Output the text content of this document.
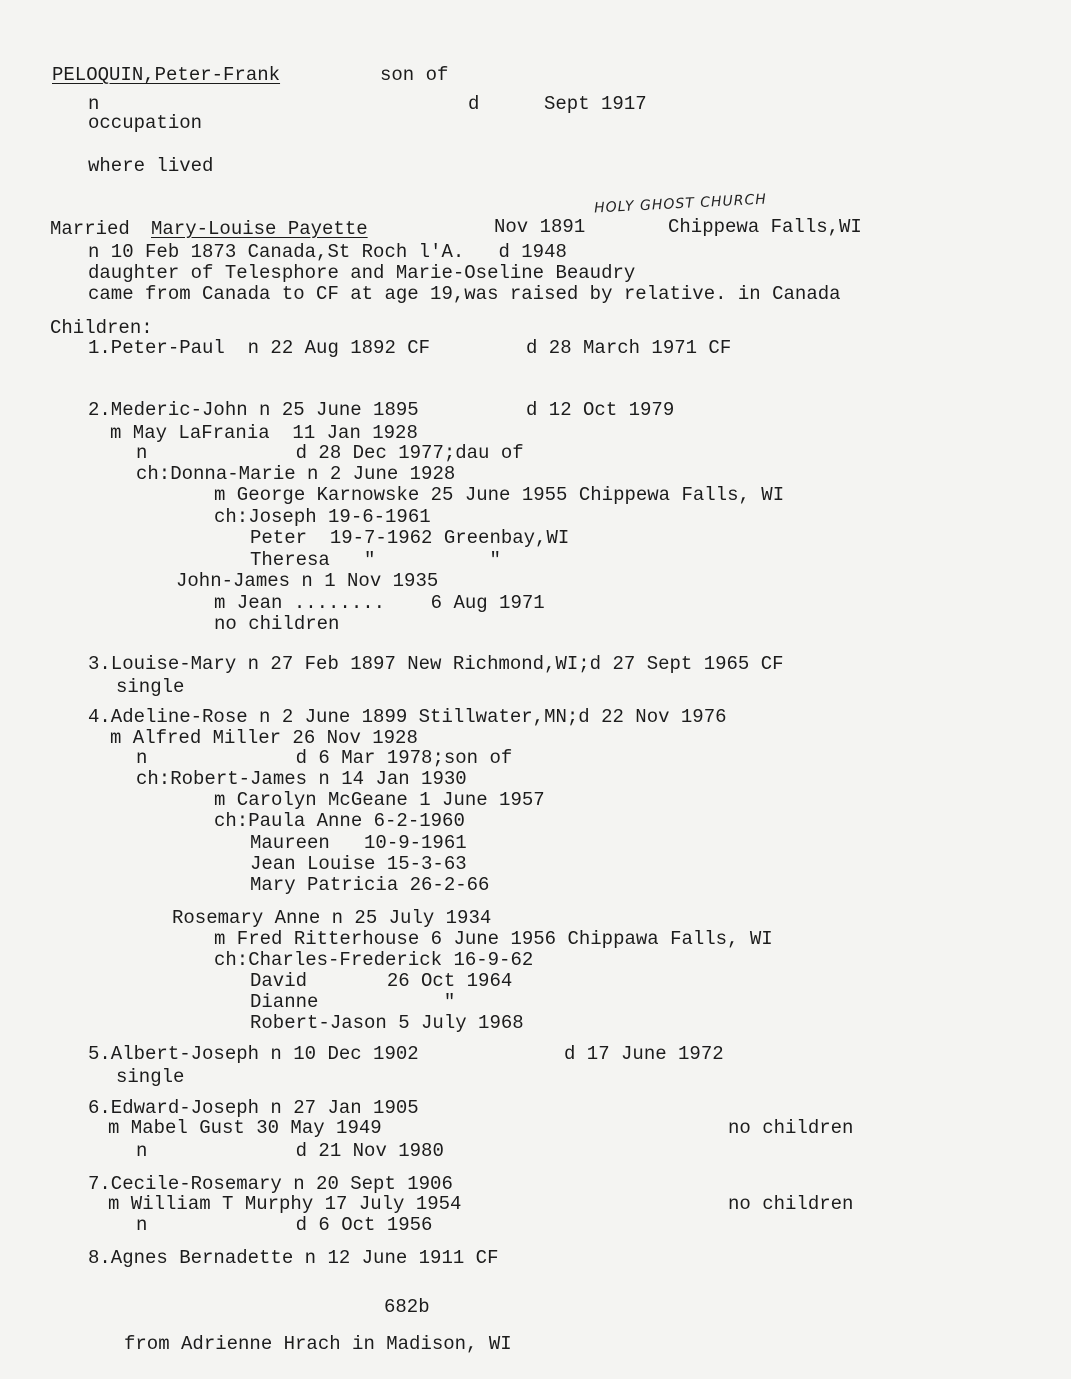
PELOQUIN,Peter-Frank	son of
n	d	Sept 1917
occupation
where lived
HOLY GHOST CHURCH
Married Mary-Louise Payette	Nov 1891	Chippewa Falls,WI
n 10 Feb 1873 Canada,St Roch l'A.   d 1948
daughter of Telesphore and Marie-Oseline Beaudry
came from Canada to CF at age 19,was raised by relative. in Canada
Children:
1.Peter-Paul  n 22 Aug 1892 CF	d 28 March 1971 CF
2.Mederic-John n 25 June 1895	d 12 Oct 1979
m May LaFrania  11 Jan 1928
n             d 28 Dec 1977;dau of
ch:Donna-Marie n 2 June 1928
m George Karnowske 25 June 1955 Chippewa Falls, WI
ch:Joseph 19-6-1961
Peter  19-7-1962 Greenbay,WI
Theresa   "          "
John-James n 1 Nov 1935
m Jean ........    6 Aug 1971
no children
3.Louise-Mary n 27 Feb 1897 New Richmond,WI;d 27 Sept 1965 CF
single
4.Adeline-Rose n 2 June 1899 Stillwater,MN;d 22 Nov 1976
m Alfred Miller 26 Nov 1928
n             d 6 Mar 1978;son of
ch:Robert-James n 14 Jan 1930
m Carolyn McGeane 1 June 1957
ch:Paula Anne 6-2-1960
Maureen   10-9-1961
Jean Louise 15-3-63
Mary Patricia 26-2-66
Rosemary Anne n 25 July 1934
m Fred Ritterhouse 6 June 1956 Chippawa Falls, WI
ch:Charles-Frederick 16-9-62
David       26 Oct 1964
Dianne           "
Robert-Jason 5 July 1968
5.Albert-Joseph n 10 Dec 1902	d 17 June 1972
single
6.Edward-Joseph n 27 Jan 1905
m Mabel Gust 30 May 1949	no children
n             d 21 Nov 1980
7.Cecile-Rosemary n 20 Sept 1906
m William T Murphy 17 July 1954	no children
n             d 6 Oct 1956
8.Agnes Bernadette n 12 June 1911 CF
682b
from Adrienne Hrach in Madison, WI
